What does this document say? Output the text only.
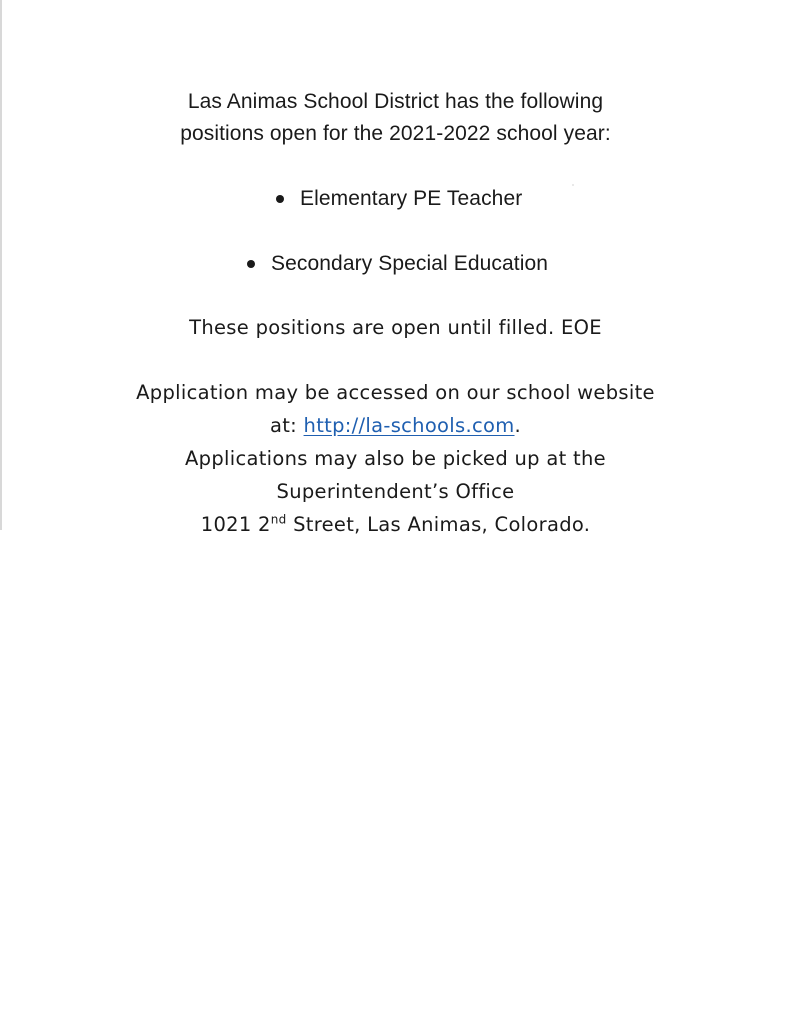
Las Animas School District has the following
positions open for the 2021-2022 school year:
Elementary PE Teacher
Secondary Special Education
These positions are open until filled. EOE
Application may be accessed on our school website
at: http://la-schools.com.
Applications may also be picked up at the
Superintendent’s Office
1021 2nd Street, Las Animas, Colorado.
